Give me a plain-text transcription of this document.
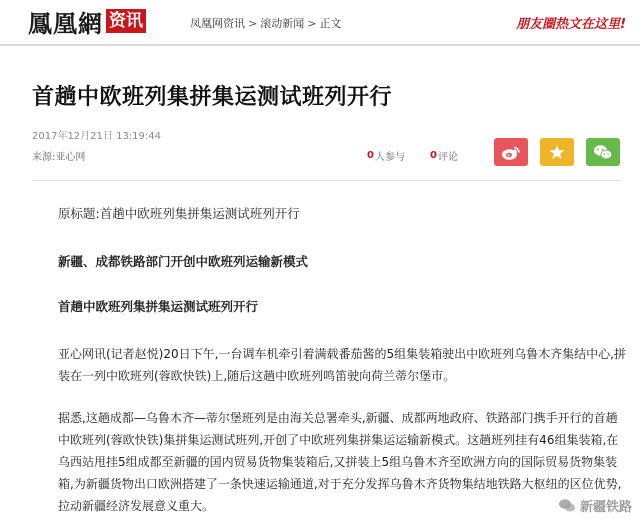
鳳凰網 资讯	凤凰网资讯 > 滚动新闻 > 正文	朋友圈热文在这里!
首趟中欧班列集拼集运测试班列开行
2017年12月21日 13:19:44
来源:亚心网	0 人参与	0 评论

原标题:首趟中欧班列集拼集运测试班列开行

新疆、成都铁路部门开创中欧班列运输新模式

首趟中欧班列集拼集运测试班列开行

亚心网讯(记者赵悦)20日下午,一台调车机牵引着满载番茄酱的5组集装箱驶出中欧班列乌鲁木齐集结中心,拼装在一列中欧班列(蓉欧快铁)上,随后这趟中欧班列鸣笛驶向荷兰蒂尔堡市。

据悉,这趟成都—乌鲁木齐—蒂尔堡班列是由海关总署牵头,新疆、成都两地政府、铁路部门携手开行的首趟中欧班列(蓉欧快铁)集拼集运测试班列,开创了中欧班列集拼集运运输新模式。这趟班列挂有46组集装箱,在乌西站甩挂5组成都至新疆的国内贸易货物集装箱后,又拼装上5组乌鲁木齐至欧洲方向的国际贸易货物集装箱,为新疆货物出口欧洲搭建了一条快速运输通道,对于充分发挥乌鲁木齐货物集结地铁路大枢纽的区位优势,拉动新疆经济发展意义重大。	新疆铁路
